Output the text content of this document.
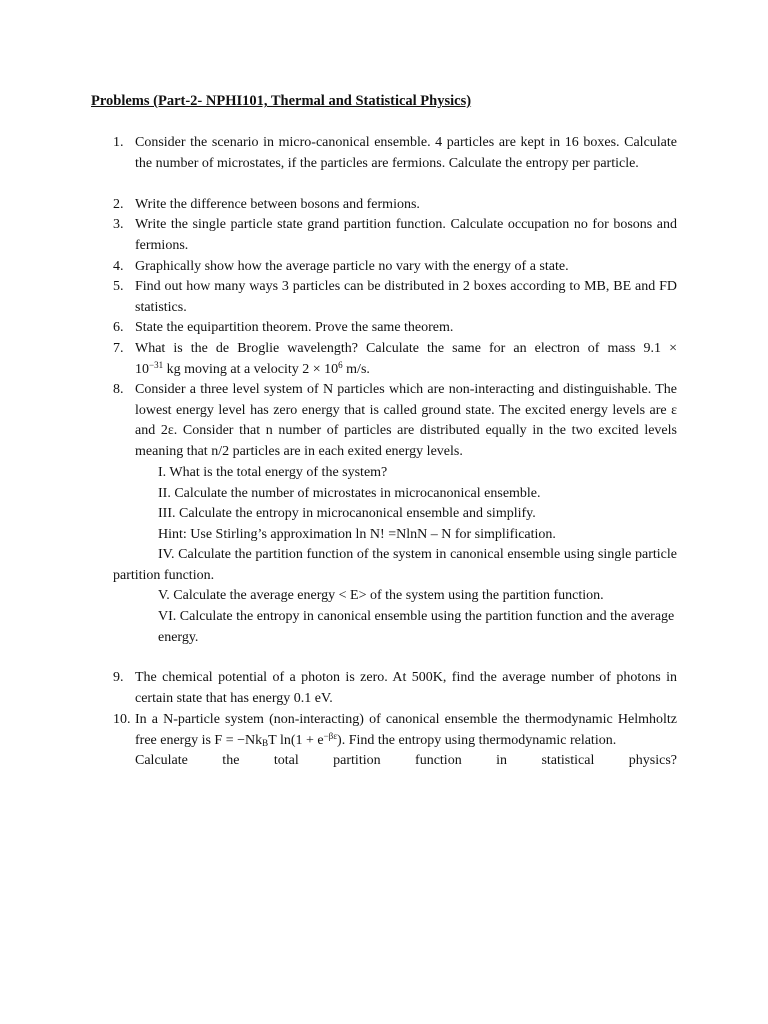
Problems (Part-2- NPHI101, Thermal and Statistical Physics)
1. Consider the scenario in micro-canonical ensemble. 4 particles are kept in 16 boxes. Calculate the number of microstates, if the particles are fermions. Calculate the entropy per particle.
2. Write the difference between bosons and fermions.
3. Write the single particle state grand partition function. Calculate occupation no for bosons and fermions.
4. Graphically show how the average particle no vary with the energy of a state.
5. Find out how many ways 3 particles can be distributed in 2 boxes according to MB, BE and FD statistics.
6. State the equipartition theorem. Prove the same theorem.
7. What is the de Broglie wavelength? Calculate the same for an electron of mass 9.1 ×
$10^{-31}$ kg moving at a velocity $2 \times 10^6$ m/s.
8. Consider a three level system of N particles which are non-interacting and distinguishable. The lowest energy level has zero energy that is called ground state. The excited energy levels are ε and 2ε. Consider that n number of particles are distributed equally in the two excited levels meaning that n/2 particles are in each exited energy levels.
I. What is the total energy of the system?
II. Calculate the number of microstates in microcanonical ensemble.
III. Calculate the entropy in microcanonical ensemble and simplify.
Hint: Use Stirling’s approximation ln N! =NlnN – N for simplification.
IV. Calculate the partition function of the system in canonical ensemble using single particle partition function.
V. Calculate the average energy < E> of the system using the partition function.
VI. Calculate the entropy in canonical ensemble using the partition function and the average energy.
9. The chemical potential of a photon is zero. At 500K, find the average number of photons in certain state that has energy 0.1 eV.
10. In a N-particle system (non-interacting) of canonical ensemble the thermodynamic Helmholtz free energy is $F = -Nk_BT$ $\ln(1 + e^{-\beta\varepsilon})$. Find the entropy using thermodynamic relation.
Calculate the total partition function in statistical physics?
